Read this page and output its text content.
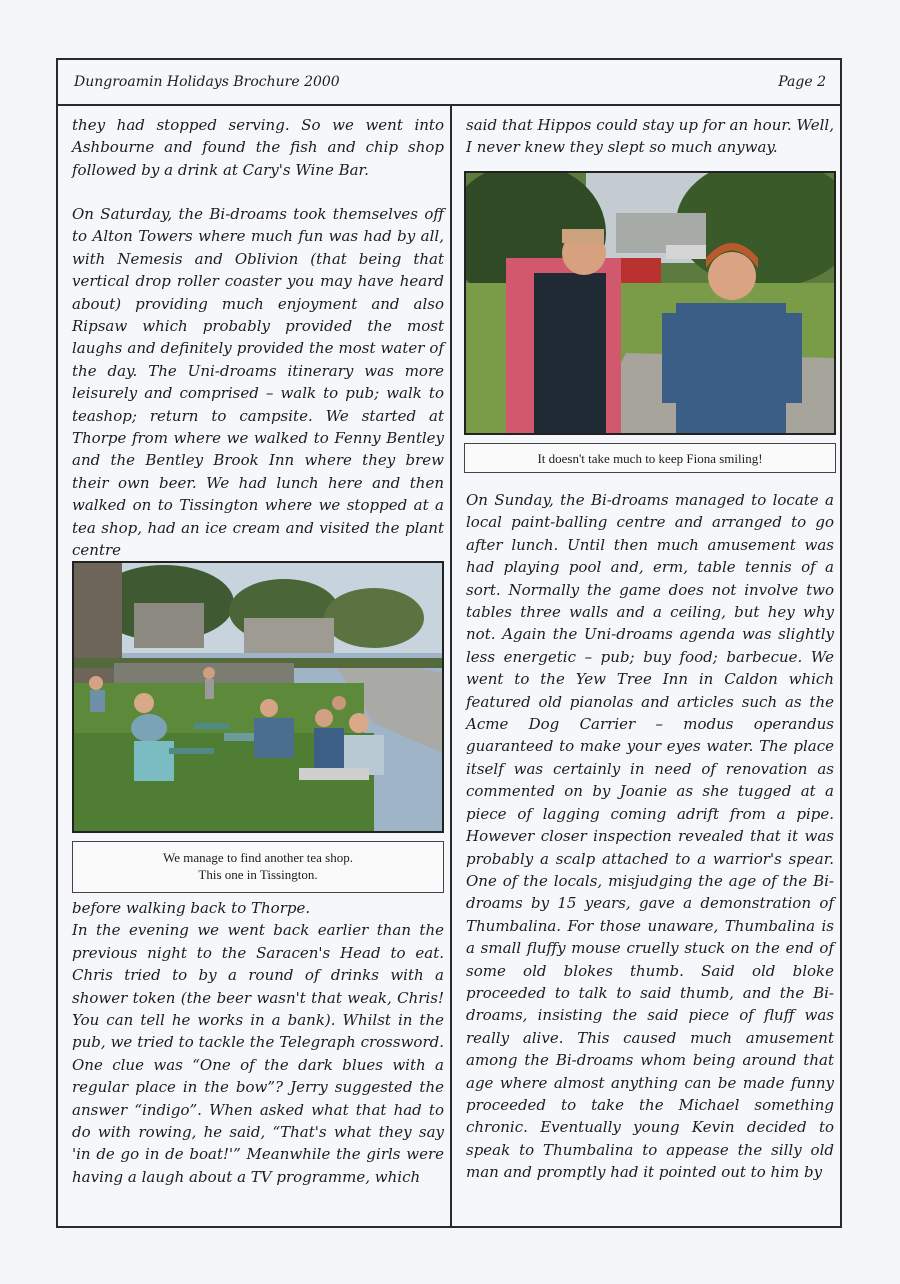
Dungroamin Holidays Brochure 2000	Page 2

they had stopped serving. So we went into Ashbourne and found the fish and chip shop followed by a drink at Cary's Wine Bar.

On Saturday, the Bi-droams took themselves off to Alton Towers where much fun was had by all, with Nemesis and Oblivion (that being that vertical drop roller coaster you may have heard about) providing much enjoyment and also Ripsaw which probably provided the most laughs and definitely provided the most water of the day. The Uni-droams itinerary was more leisurely and comprised – walk to pub; walk to teashop; return to campsite. We started at Thorpe from where we walked to Fenny Bentley and the Bentley Brook Inn where they brew their own beer. We had lunch here and then walked on to Tissington where we stopped at a tea shop, had an ice cream and visited the plant centre

We manage to find another tea shop.
This one in Tissington.

before walking back to Thorpe.

In the evening we went back earlier than the previous night to the Saracen's Head to eat. Chris tried to by a round of drinks with a shower token (the beer wasn't that weak, Chris! You can tell he works in a bank). Whilst in the pub, we tried to tackle the Telegraph crossword. One clue was “One of the dark blues with a regular place in the bow”? Jerry suggested the answer “indigo”. When asked what that had to do with rowing, he said, “That's what they say 'in de go in de boat!'” Meanwhile the girls were having a laugh about a TV programme, which

said that Hippos could stay up for an hour. Well, I never knew they slept so much anyway.

It doesn't take much to keep Fiona smiling!

On Sunday, the Bi-droams managed to locate a local paint-balling centre and arranged to go after lunch. Until then much amusement was had playing pool and, erm, table tennis of a sort. Normally the game does not involve two tables three walls and a ceiling, but hey why not. Again the Uni-droams agenda was slightly less energetic – pub; buy food; barbecue. We went to the Yew Tree Inn in Caldon which featured old pianolas and articles such as the Acme Dog Carrier – modus operandus guaranteed to make your eyes water. The place itself was certainly in need of renovation as commented on by Joanie as she tugged at a piece of lagging coming adrift from a pipe. However closer inspection revealed that it was probably a scalp attached to a warrior's spear. One of the locals, misjudging the age of the Bi-droams by 15 years, gave a demonstration of Thumbalina. For those unaware, Thumbalina is a small fluffy mouse cruelly stuck on the end of some old blokes thumb. Said old bloke proceeded to talk to said thumb, and the Bi-droams, insisting the said piece of fluff was really alive. This caused much amusement among the Bi-droams whom being around that age where almost anything can be made funny proceeded to take the Michael something chronic. Eventually young Kevin decided to speak to Thumbalina to appease the silly old man and promptly had it pointed out to him by
